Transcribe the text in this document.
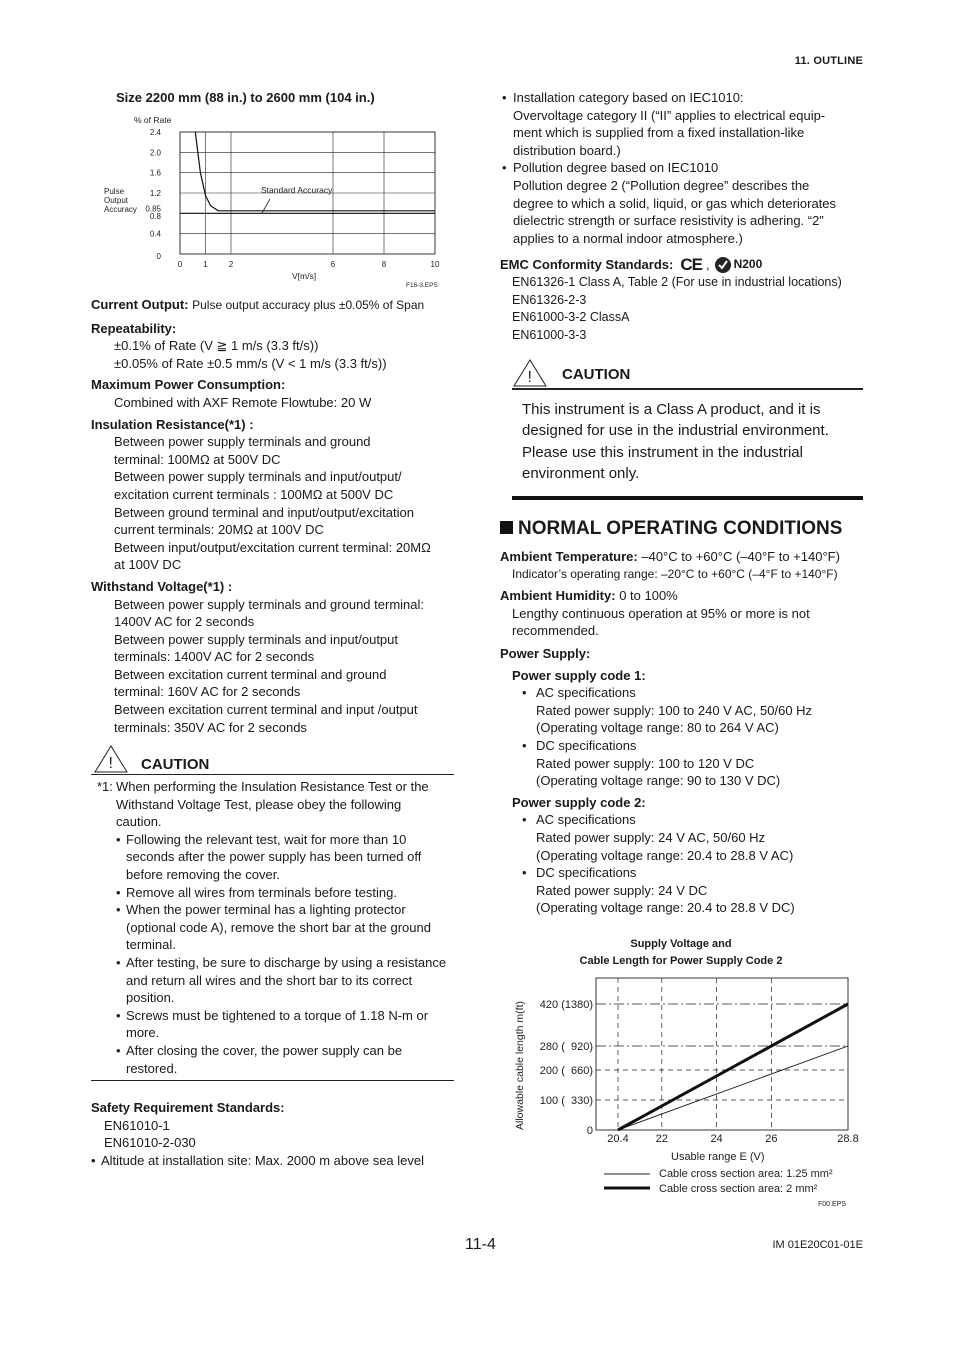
11. OUTLINE
Size 2200 mm (88 in.) to 2600 mm (104 in.)
2.4
2.0
1.6
1.2
0.85
0.8
0.4
0
0	1	2	6	8	10
% of Rate
Pulse Output Accuracy
Standard Accuracy
V[m/s]
F16-3.EPS
Current Output: Pulse output accuracy plus ±0.05% of Span
Repeatability:
±0.1% of Rate (V ≧ 1 m/s (3.3 ft/s))
±0.05% of Rate ±0.5 mm/s (V < 1 m/s (3.3 ft/s))
Maximum Power Consumption:
Combined with AXF Remote Flowtube: 20 W
Insulation Resistance(*1) :
Between power supply terminals and ground
terminal: 100MΩ at 500V DC
Between power supply terminals and input/output/
excitation current terminals : 100MΩ at 500V DC
Between ground terminal and input/output/excitation
current terminals: 20MΩ at 100V DC
Between input/output/excitation current terminal: 20MΩ
at 100V DC
Withstand Voltage(*1) :
Between power supply terminals and ground terminal:
1400V AC for 2 seconds
Between power supply terminals and input/output
terminals: 1400V AC for 2 seconds
Between excitation current terminal and ground
terminal: 160V AC for 2 seconds
Between excitation current terminal and input /output
terminals: 350V AC for 2 seconds
! CAUTION
*1: When performing the Insulation Resistance Test or the
Withstand Voltage Test, please obey the following
caution.
• Following the relevant test, wait for more than 10
seconds after the power supply has been turned off
before removing the cover.
• Remove all wires from terminals before testing.
• When the power terminal has a lighting protector
(optional code A), remove the short bar at the ground
terminal.
• After testing, be sure to discharge by using a resistance
and return all wires and the short bar to its correct
position.
• Screws must be tightened to a torque of 1.18 N-m or
more.
• After closing the cover, the power supply can be
restored.
Safety Requirement Standards:
EN61010-1
EN61010-2-030
• Altitude at installation site: Max. 2000 m above sea level
• Installation category based on IEC1010:
Overvoltage category II (“II” applies to electrical equip-
ment which is supplied from a fixed installation-like
distribution board.)
• Pollution degree based on IEC1010
Pollution degree 2 (“Pollution degree” describes the
degree to which a solid, liquid, or gas which deteriorates
dielectric strength or surface resistivity is adhering. “2”
applies to a normal indoor atmosphere.)
EMC Conformity Standards: CE , N200
EN61326-1 Class A, Table 2 (For use in industrial locations)
EN61326-2-3
EN61000-3-2 ClassA
EN61000-3-3
! CAUTION
This instrument is a Class A product, and it is
designed for use in the industrial environment.
Please use this instrument in the industrial
environment only.
NORMAL OPERATING CONDITIONS
Ambient Temperature: –40°C to +60°C (–40°F to +140°F)
Indicator’s operating range: –20°C to +60°C (–4°F to +140°F)
Ambient Humidity: 0 to 100%
Lengthy continuous operation at 95% or more is not
recommended.
Power Supply:
Power supply code 1:
• AC specifications
Rated power supply: 100 to 240 V AC, 50/60 Hz
(Operating voltage range: 80 to 264 V AC)
• DC specifications
Rated power supply: 100 to 120 V DC
(Operating voltage range: 90 to 130 V DC)
Power supply code 2:
• AC specifications
Rated power supply: 24 V AC, 50/60 Hz
(Operating voltage range: 20.4 to 28.8 V AC)
• DC specifications
Rated power supply: 24 V DC
(Operating voltage range: 20.4 to 28.8 V DC)
Supply Voltage and
Cable Length for Power Supply Code 2
420 (1380)
280 (  920)
200 (  660)
100 (  330)
0
20.4 22	24	26	28.8
Allowable cable length m(ft)
Usable range E (V)
Cable cross section area: 1.25 mm²
Cable cross section area: 2 mm²
F00.EPS
11-4	IM 01E20C01-01E
